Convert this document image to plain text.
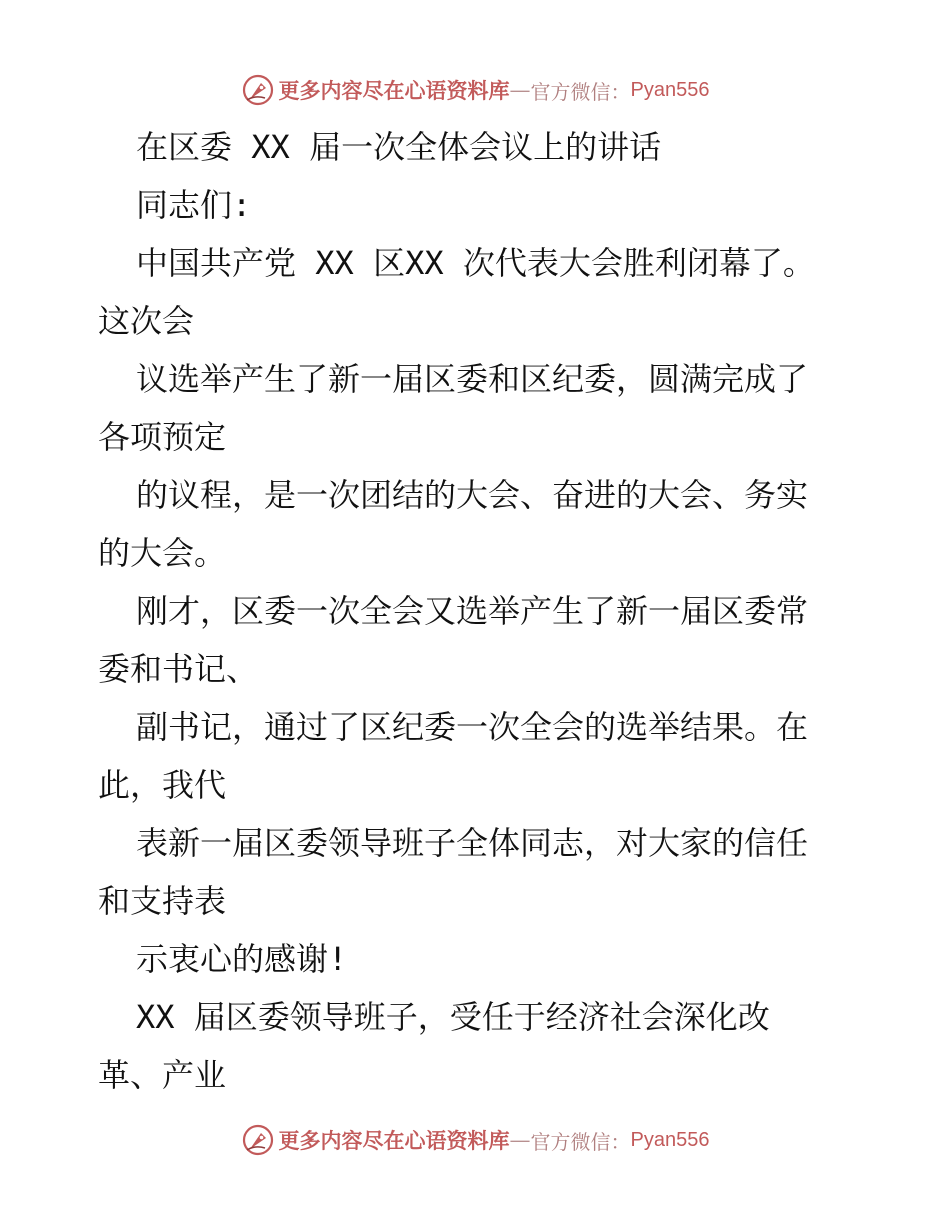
更多内容尽在心语资料库 — 官方微信： Pyan556
在区委 XX 届一次全体会议上的讲话
同志们:
中国共产党 XX 区XX 次代表大会胜利闭幕了。
这次会
议选举产生了新一届区委和区纪委，圆满完成了
各项预定
的议程，是一次团结的大会、奋进的大会、务实
的大会。
刚才，区委一次全会又选举产生了新一届区委常
委和书记、
副书记，通过了区纪委一次全会的选举结果。在
此，我代
表新一届区委领导班子全体同志，对大家的信任
和支持表
示衷心的感谢!
XX 届区委领导班子，受任于经济社会深化改
革、产业
更多内容尽在心语资料库 — 官方微信： Pyan556
